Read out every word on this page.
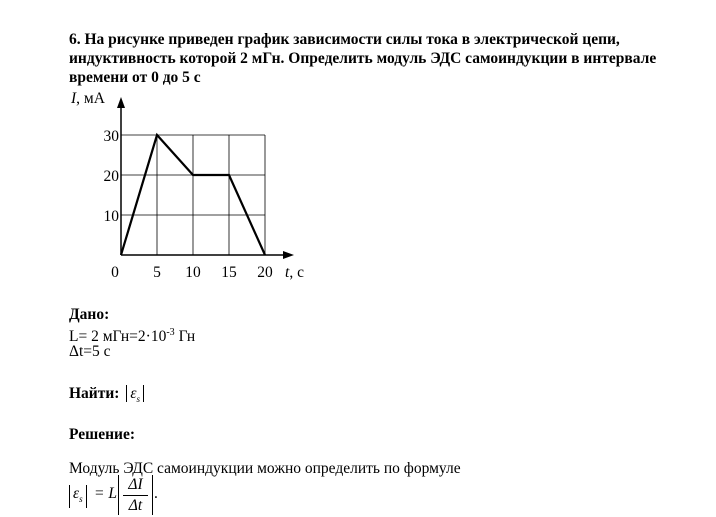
6. На рисунке приведен график зависимости силы тока в электрической цепи,
индуктивность которой 2 мГн. Определить модуль ЭДС самоиндукции в интервале
времени от 0 до 5 с
0 5 10 15 20 t, с
10
20
30
I, мА
Дано:
L= 2 $мГн=2\cdot 10^{-3}$ Гн
Δt=5 с
Найти: $\varepsilon_s$
Решение:
Модуль ЭДС самоиндукции можно определить по формуле
$\varepsilon_s = L$
ΔI
Δt
.
